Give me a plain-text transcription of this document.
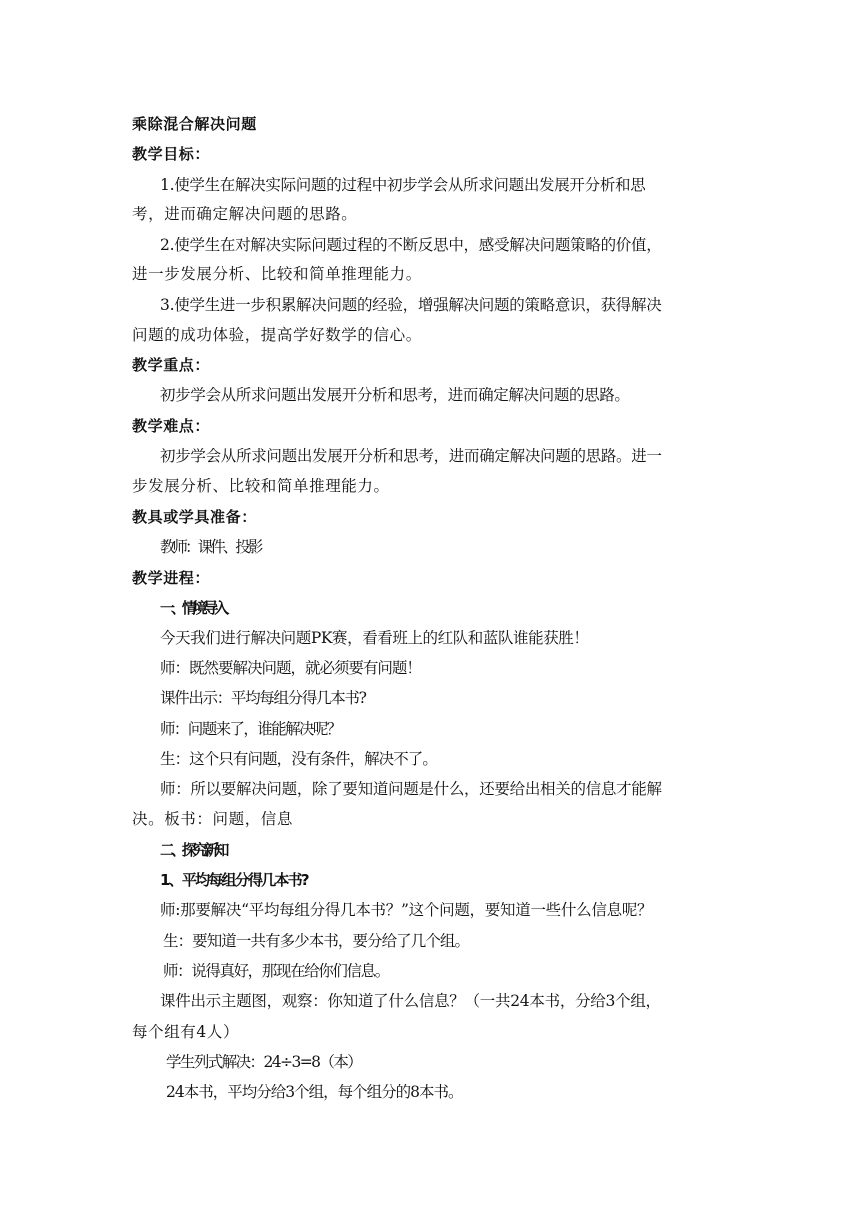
乘除混合解决问题
教学目标：
1.使学生在解决实际问题的过程中初步学会从所求问题出发展开分析和思
考，进而确定解决问题的思路。
2.使学生在对解决实际问题过程的不断反思中，感受解决问题策略的价值，
进一步发展分析、比较和简单推理能力。
3.使学生进一步积累解决问题的经验，增强解决问题的策略意识，获得解决
问题的成功体验，提高学好数学的信心。
教学重点：
初步学会从所求问题出发展开分析和思考，进而确定解决问题的思路。
教学难点：
初步学会从所求问题出发展开分析和思考，进而确定解决问题的思路。进一
步发展分析、比较和简单推理能力。
教具或学具准备：
教师：课件、投影
教学进程：
一、情境导入
今天我们进行解决问题PK赛，看看班上的红队和蓝队谁能获胜！
师：既然要解决问题，就必须要有问题！
课件出示：平均每组分得几本书?
师：问题来了，谁能解决呢？
生：这个只有问题，没有条件，解决不了。
师：所以要解决问题，除了要知道问题是什么，还要给出相关的信息才能解
决。板书：问题，信息
二、探究新知
1、平均每组分得几本书?
师:那要解决“平均每组分得几本书？”这个问题，要知道一些什么信息呢？
生：要知道一共有多少本书，要分给了几个组。
师：说得真好，那现在给你们信息。
课件出示主题图，观察：你知道了什么信息？（一共24本书，分给3个组，
每个组有4人）
学生列式解决：24÷3=8（本）
24本书，平均分给3个组，每个组分的8本书。
